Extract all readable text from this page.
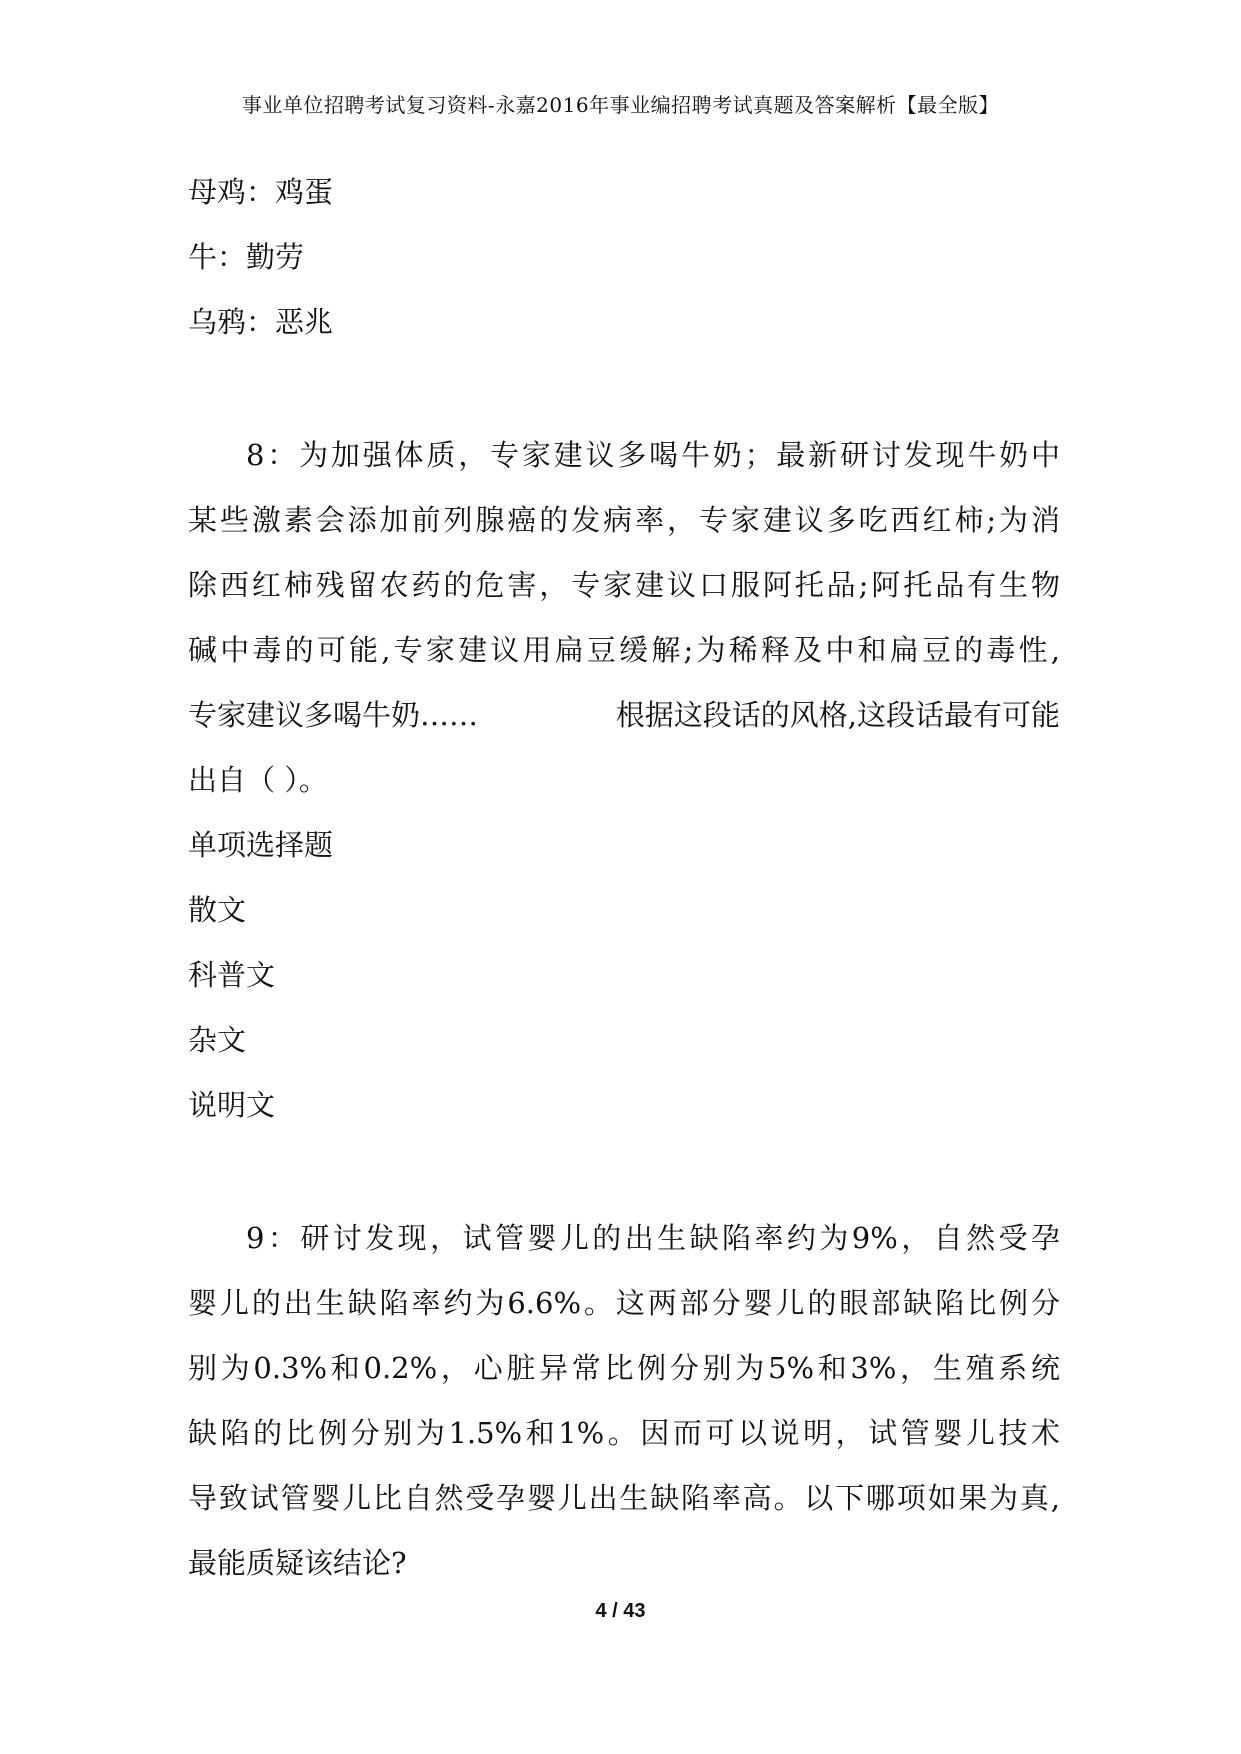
事业单位招聘考试复习资料-永嘉2016年事业编招聘考试真题及答案解析【最全版】
母鸡：鸡蛋
牛：勤劳
乌鸦：恶兆
8：为加强体质，专家建议多喝牛奶；最新研讨发现牛奶中
某些激素会添加前列腺癌的发病率，专家建议多吃西红柿;为消
除西红柿残留农药的危害，专家建议口服阿托品;阿托品有生物
碱中毒的可能,专家建议用扁豆缓解;为稀释及中和扁豆的毒性,
专家建议多喝牛奶……	根据这段话的风格,这段话最有可能
出自（ ）。
单项选择题
散文
科普文
杂文
说明文
9：研讨发现，试管婴儿的出生缺陷率约为9%，自然受孕
婴儿的出生缺陷率约为6.6%。这两部分婴儿的眼部缺陷比例分
别为0.3%和0.2%，心脏异常比例分别为5%和3%，生殖系统
缺陷的比例分别为1.5%和1%。因而可以说明，试管婴儿技术
导致试管婴儿比自然受孕婴儿出生缺陷率高。以下哪项如果为真,
最能质疑该结论?
4 / 43
